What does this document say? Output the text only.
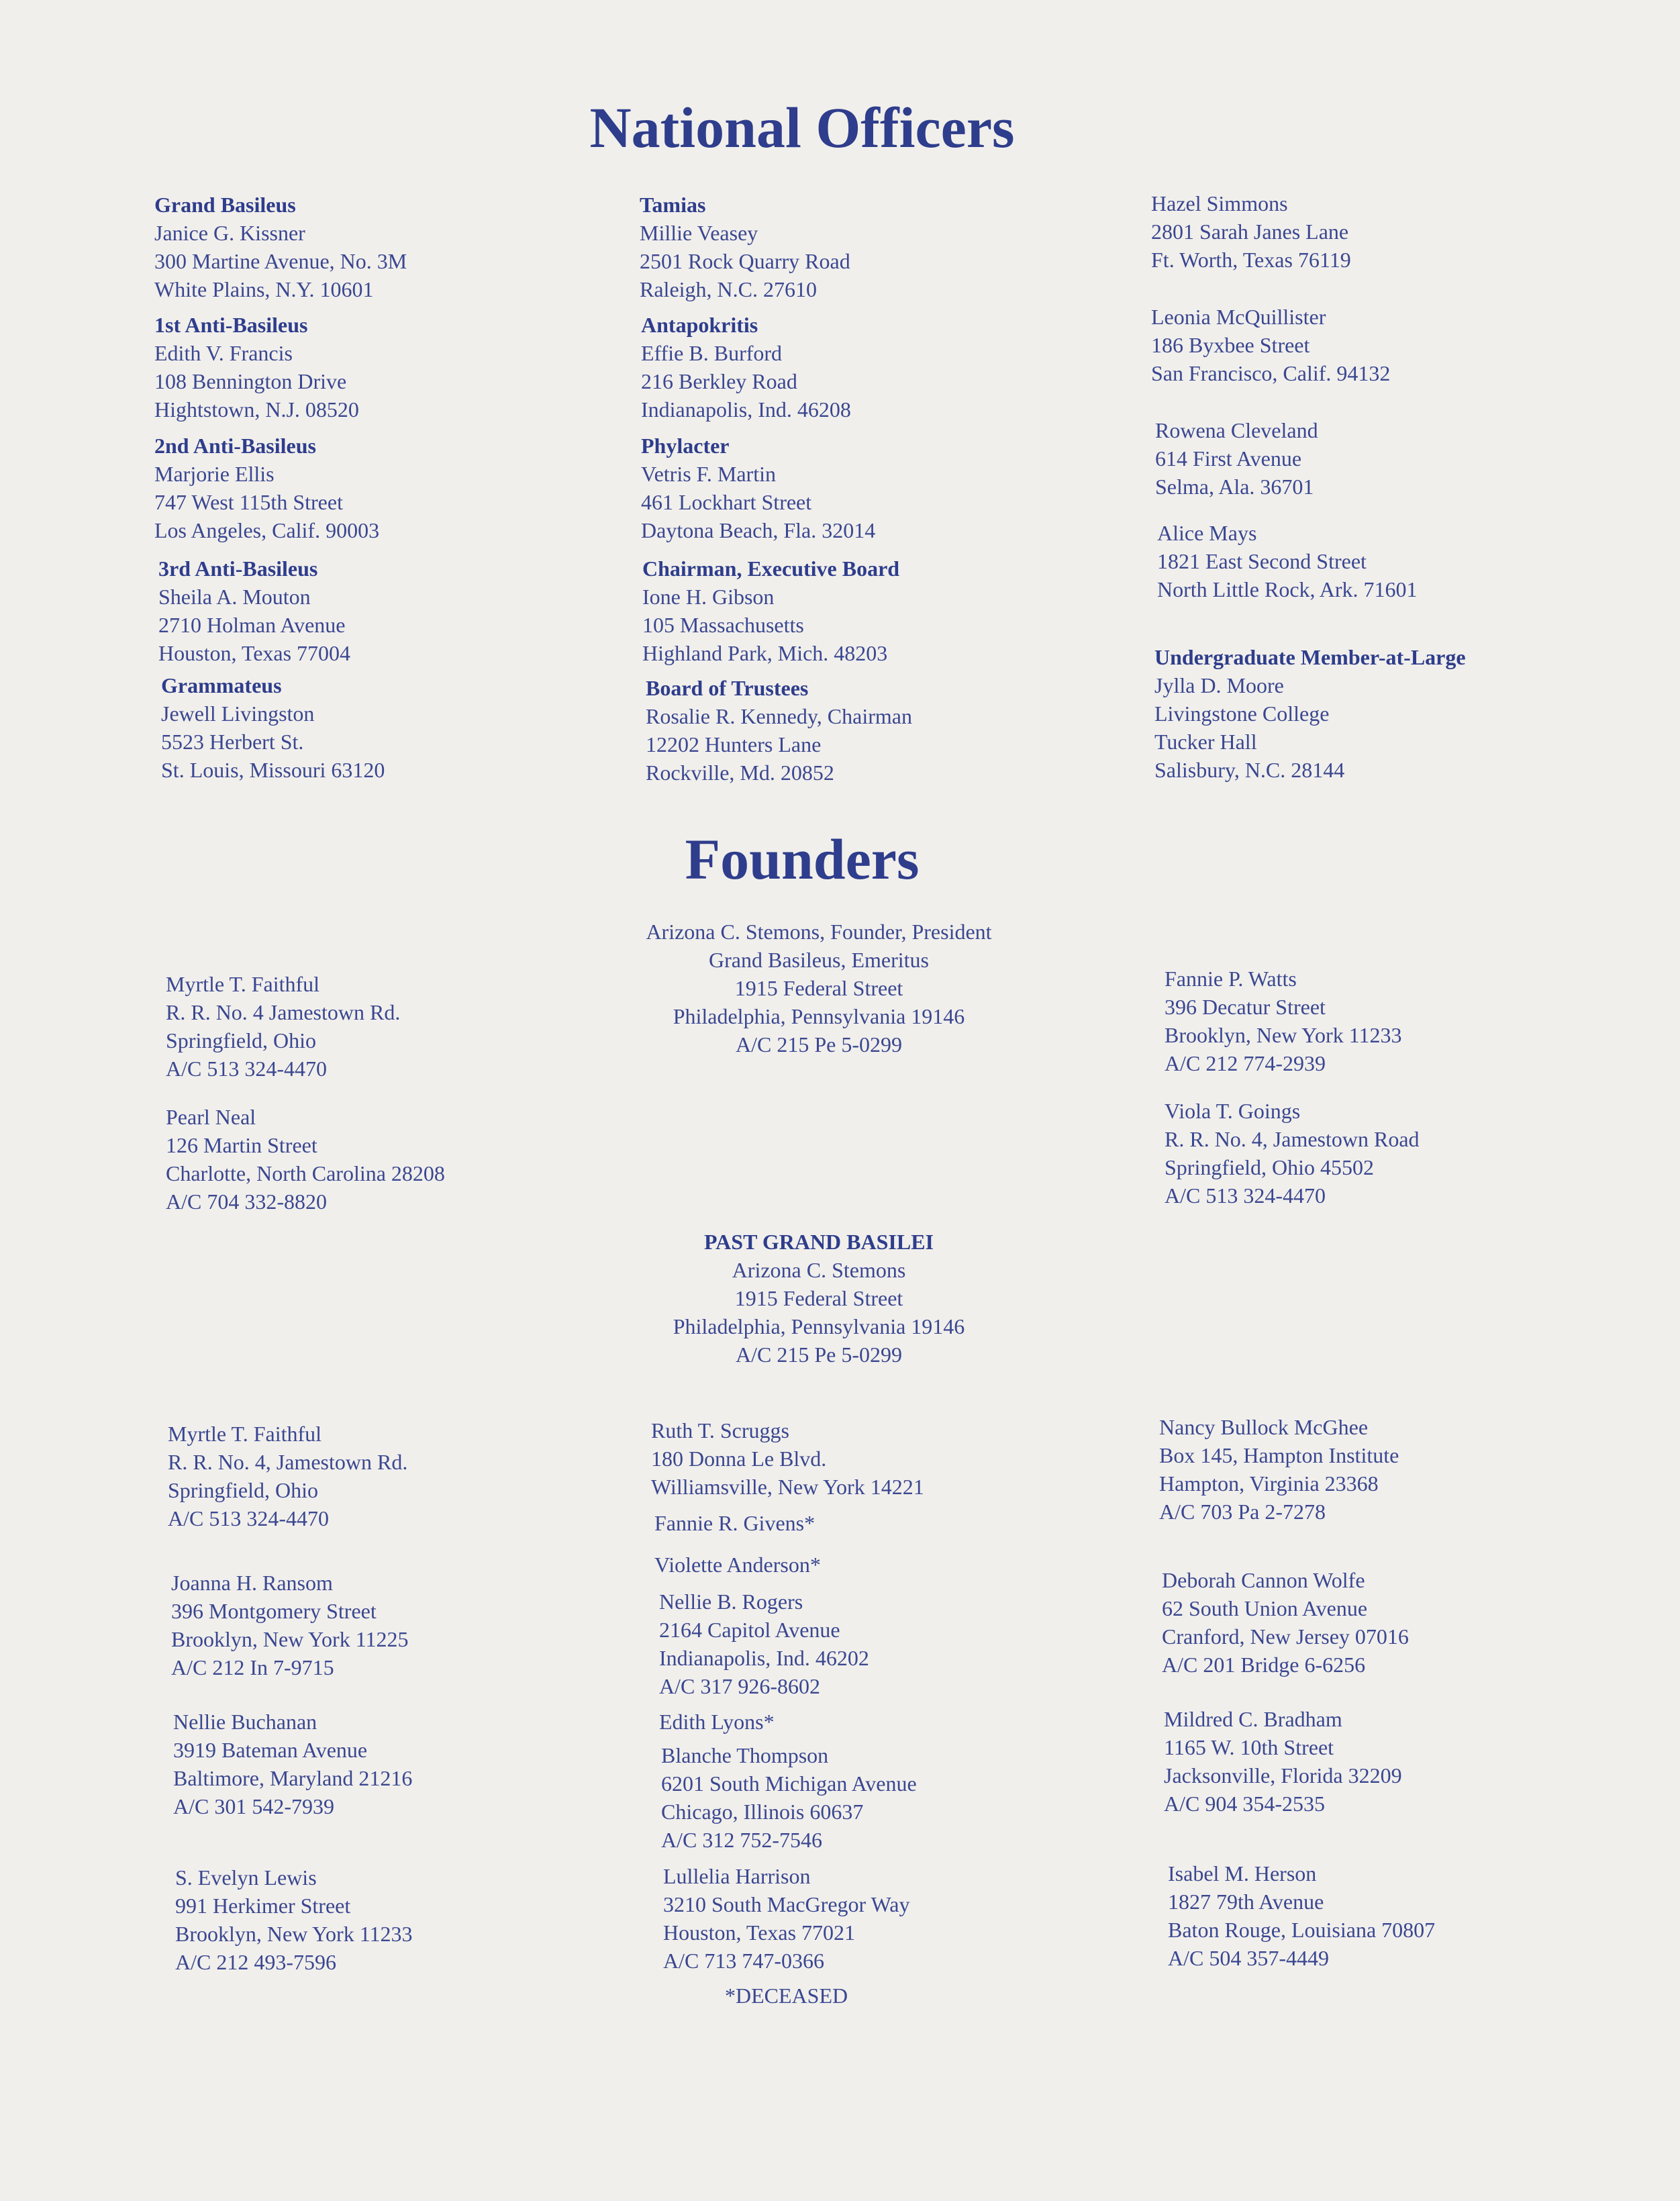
National Officers
Grand Basileus
Janice G. Kissner
300 Martine Avenue, No. 3M
White Plains, N.Y. 10601
1st Anti-Basileus
Edith V. Francis
108 Bennington Drive
Hightstown, N.J. 08520
2nd Anti-Basileus
Marjorie Ellis
747 West 115th Street
Los Angeles, Calif. 90003
3rd Anti-Basileus
Sheila A. Mouton
2710 Holman Avenue
Houston, Texas 77004
Grammateus
Jewell Livingston
5523 Herbert St.
St. Louis, Missouri 63120
Tamias
Millie Veasey
2501 Rock Quarry Road
Raleigh, N.C. 27610
Antapokritis
Effie B. Burford
216 Berkley Road
Indianapolis, Ind. 46208
Phylacter
Vetris F. Martin
461 Lockhart Street
Daytona Beach, Fla. 32014
Chairman, Executive Board
Ione H. Gibson
105 Massachusetts
Highland Park, Mich. 48203
Board of Trustees
Rosalie R. Kennedy, Chairman
12202 Hunters Lane
Rockville, Md. 20852
Hazel Simmons
2801 Sarah Janes Lane
Ft. Worth, Texas 76119
Leonia McQuillister
186 Byxbee Street
San Francisco, Calif. 94132
Rowena Cleveland
614 First Avenue
Selma, Ala. 36701
Alice Mays
1821 East Second Street
North Little Rock, Ark. 71601
Undergraduate Member-at-Large
Jylla D. Moore
Livingstone College
Tucker Hall
Salisbury, N.C. 28144
Founders
Arizona C. Stemons, Founder, President
Grand Basileus, Emeritus
1915 Federal Street
Philadelphia, Pennsylvania 19146
A/C 215 Pe 5-0299
Myrtle T. Faithful
R. R. No. 4 Jamestown Rd.
Springfield, Ohio
A/C 513 324-4470
Pearl Neal
126 Martin Street
Charlotte, North Carolina 28208
A/C 704 332-8820
Fannie P. Watts
396 Decatur Street
Brooklyn, New York 11233
A/C 212 774-2939
Viola T. Goings
R. R. No. 4, Jamestown Road
Springfield, Ohio 45502
A/C 513 324-4470
PAST GRAND BASILEI
Arizona C. Stemons
1915 Federal Street
Philadelphia, Pennsylvania 19146
A/C 215 Pe 5-0299
Myrtle T. Faithful
R. R. No. 4, Jamestown Rd.
Springfield, Ohio
A/C 513 324-4470
Joanna H. Ransom
396 Montgomery Street
Brooklyn, New York 11225
A/C 212 In 7-9715
Nellie Buchanan
3919 Bateman Avenue
Baltimore, Maryland 21216
A/C 301 542-7939
S. Evelyn Lewis
991 Herkimer Street
Brooklyn, New York 11233
A/C 212 493-7596
Ruth T. Scruggs
180 Donna Le Blvd.
Williamsville, New York 14221
Fannie R. Givens*
Violette Anderson*
Nellie B. Rogers
2164 Capitol Avenue
Indianapolis, Ind. 46202
A/C 317 926-8602
Edith Lyons*
Blanche Thompson
6201 South Michigan Avenue
Chicago, Illinois 60637
A/C 312 752-7546
Lullelia Harrison
3210 South MacGregor Way
Houston, Texas 77021
A/C 713 747-0366
*DECEASED
Nancy Bullock McGhee
Box 145, Hampton Institute
Hampton, Virginia 23368
A/C 703 Pa 2-7278
Deborah Cannon Wolfe
62 South Union Avenue
Cranford, New Jersey 07016
A/C 201 Bridge 6-6256
Mildred C. Bradham
1165 W. 10th Street
Jacksonville, Florida 32209
A/C 904 354-2535
Isabel M. Herson
1827 79th Avenue
Baton Rouge, Louisiana 70807
A/C 504 357-4449
